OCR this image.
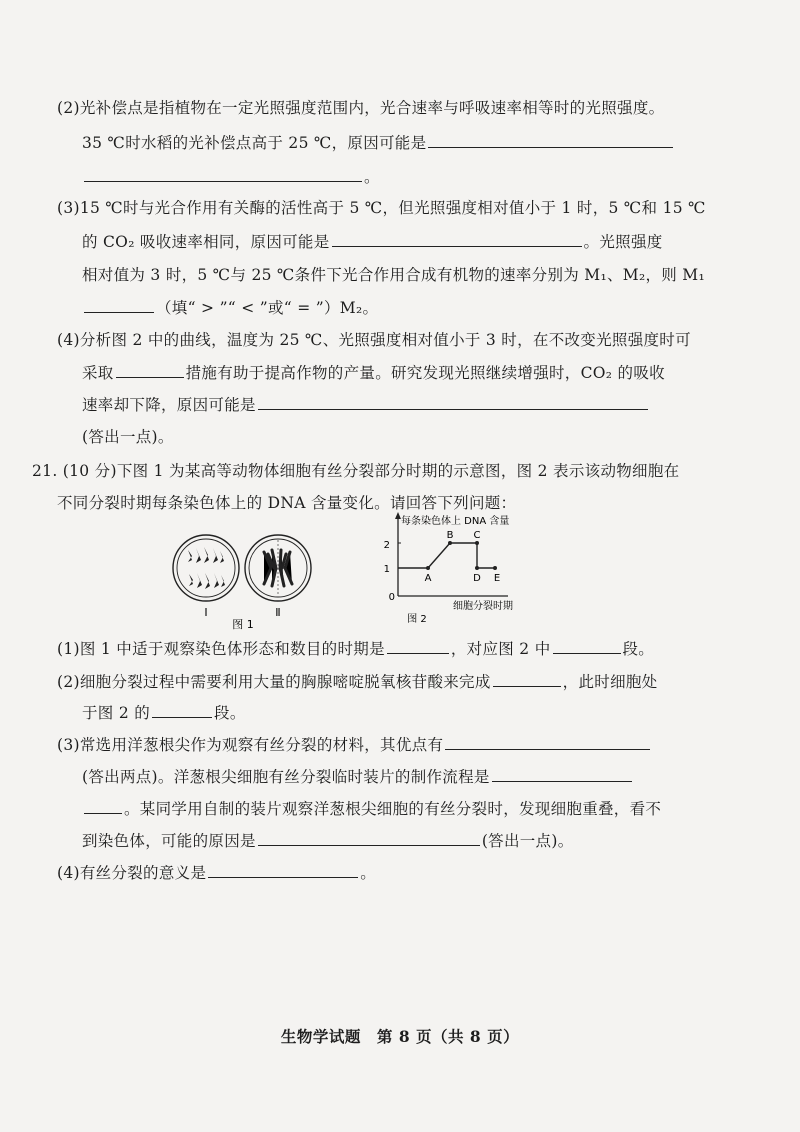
(2)光补偿点是指植物在一定光照强度范围内，光合速率与呼吸速率相等时的光照强度。
35 ℃时水稻的光补偿点高于 25 ℃，原因可能是
。
(3)15 ℃时与光合作用有关酶的活性高于 5 ℃，但光照强度相对值小于 1 时，5 ℃和 15 ℃
的 CO₂ 吸收速率相同，原因可能是	。光照强度
相对值为 3 时，5 ℃与 25 ℃条件下光合作用合成有机物的速率分别为 M₁、M₂，则 M₁
（填“ > ”“ < ”或“ = ”）M₂。
(4)分析图 2 中的曲线，温度为 25 ℃、光照强度相对值小于 3 时，在不改变光照强度时可
采取	措施有助于提高作物的产量。研究发现光照继续增强时，CO₂ 的吸收
速率却下降，原因可能是
(答出一点)。
21. (10 分)下图 1 为某高等动物体细胞有丝分裂部分时期的示意图，图 2 表示该动物细胞在
不同分裂时期每条染色体上的 DNA 含量变化。请回答下列问题：
Ⅰ	Ⅱ
图 1
每条染色体上 DNA 含量
2
1
0
A
B C
D E
细胞分裂时期
图 2
(1)图 1 中适于观察染色体形态和数目的时期是	，对应图 2 中	段。
(2)细胞分裂过程中需要利用大量的胸腺嘧啶脱氧核苷酸来完成	，此时细胞处
于图 2 的	段。
(3)常选用洋葱根尖作为观察有丝分裂的材料，其优点有
(答出两点)。洋葱根尖细胞有丝分裂临时装片的制作流程是
。某同学用自制的装片观察洋葱根尖细胞的有丝分裂时，发现细胞重叠，看不
到染色体，可能的原因是	(答出一点)。
(4)有丝分裂的意义是	。
生物学试题　第 8 页（共 8 页）
